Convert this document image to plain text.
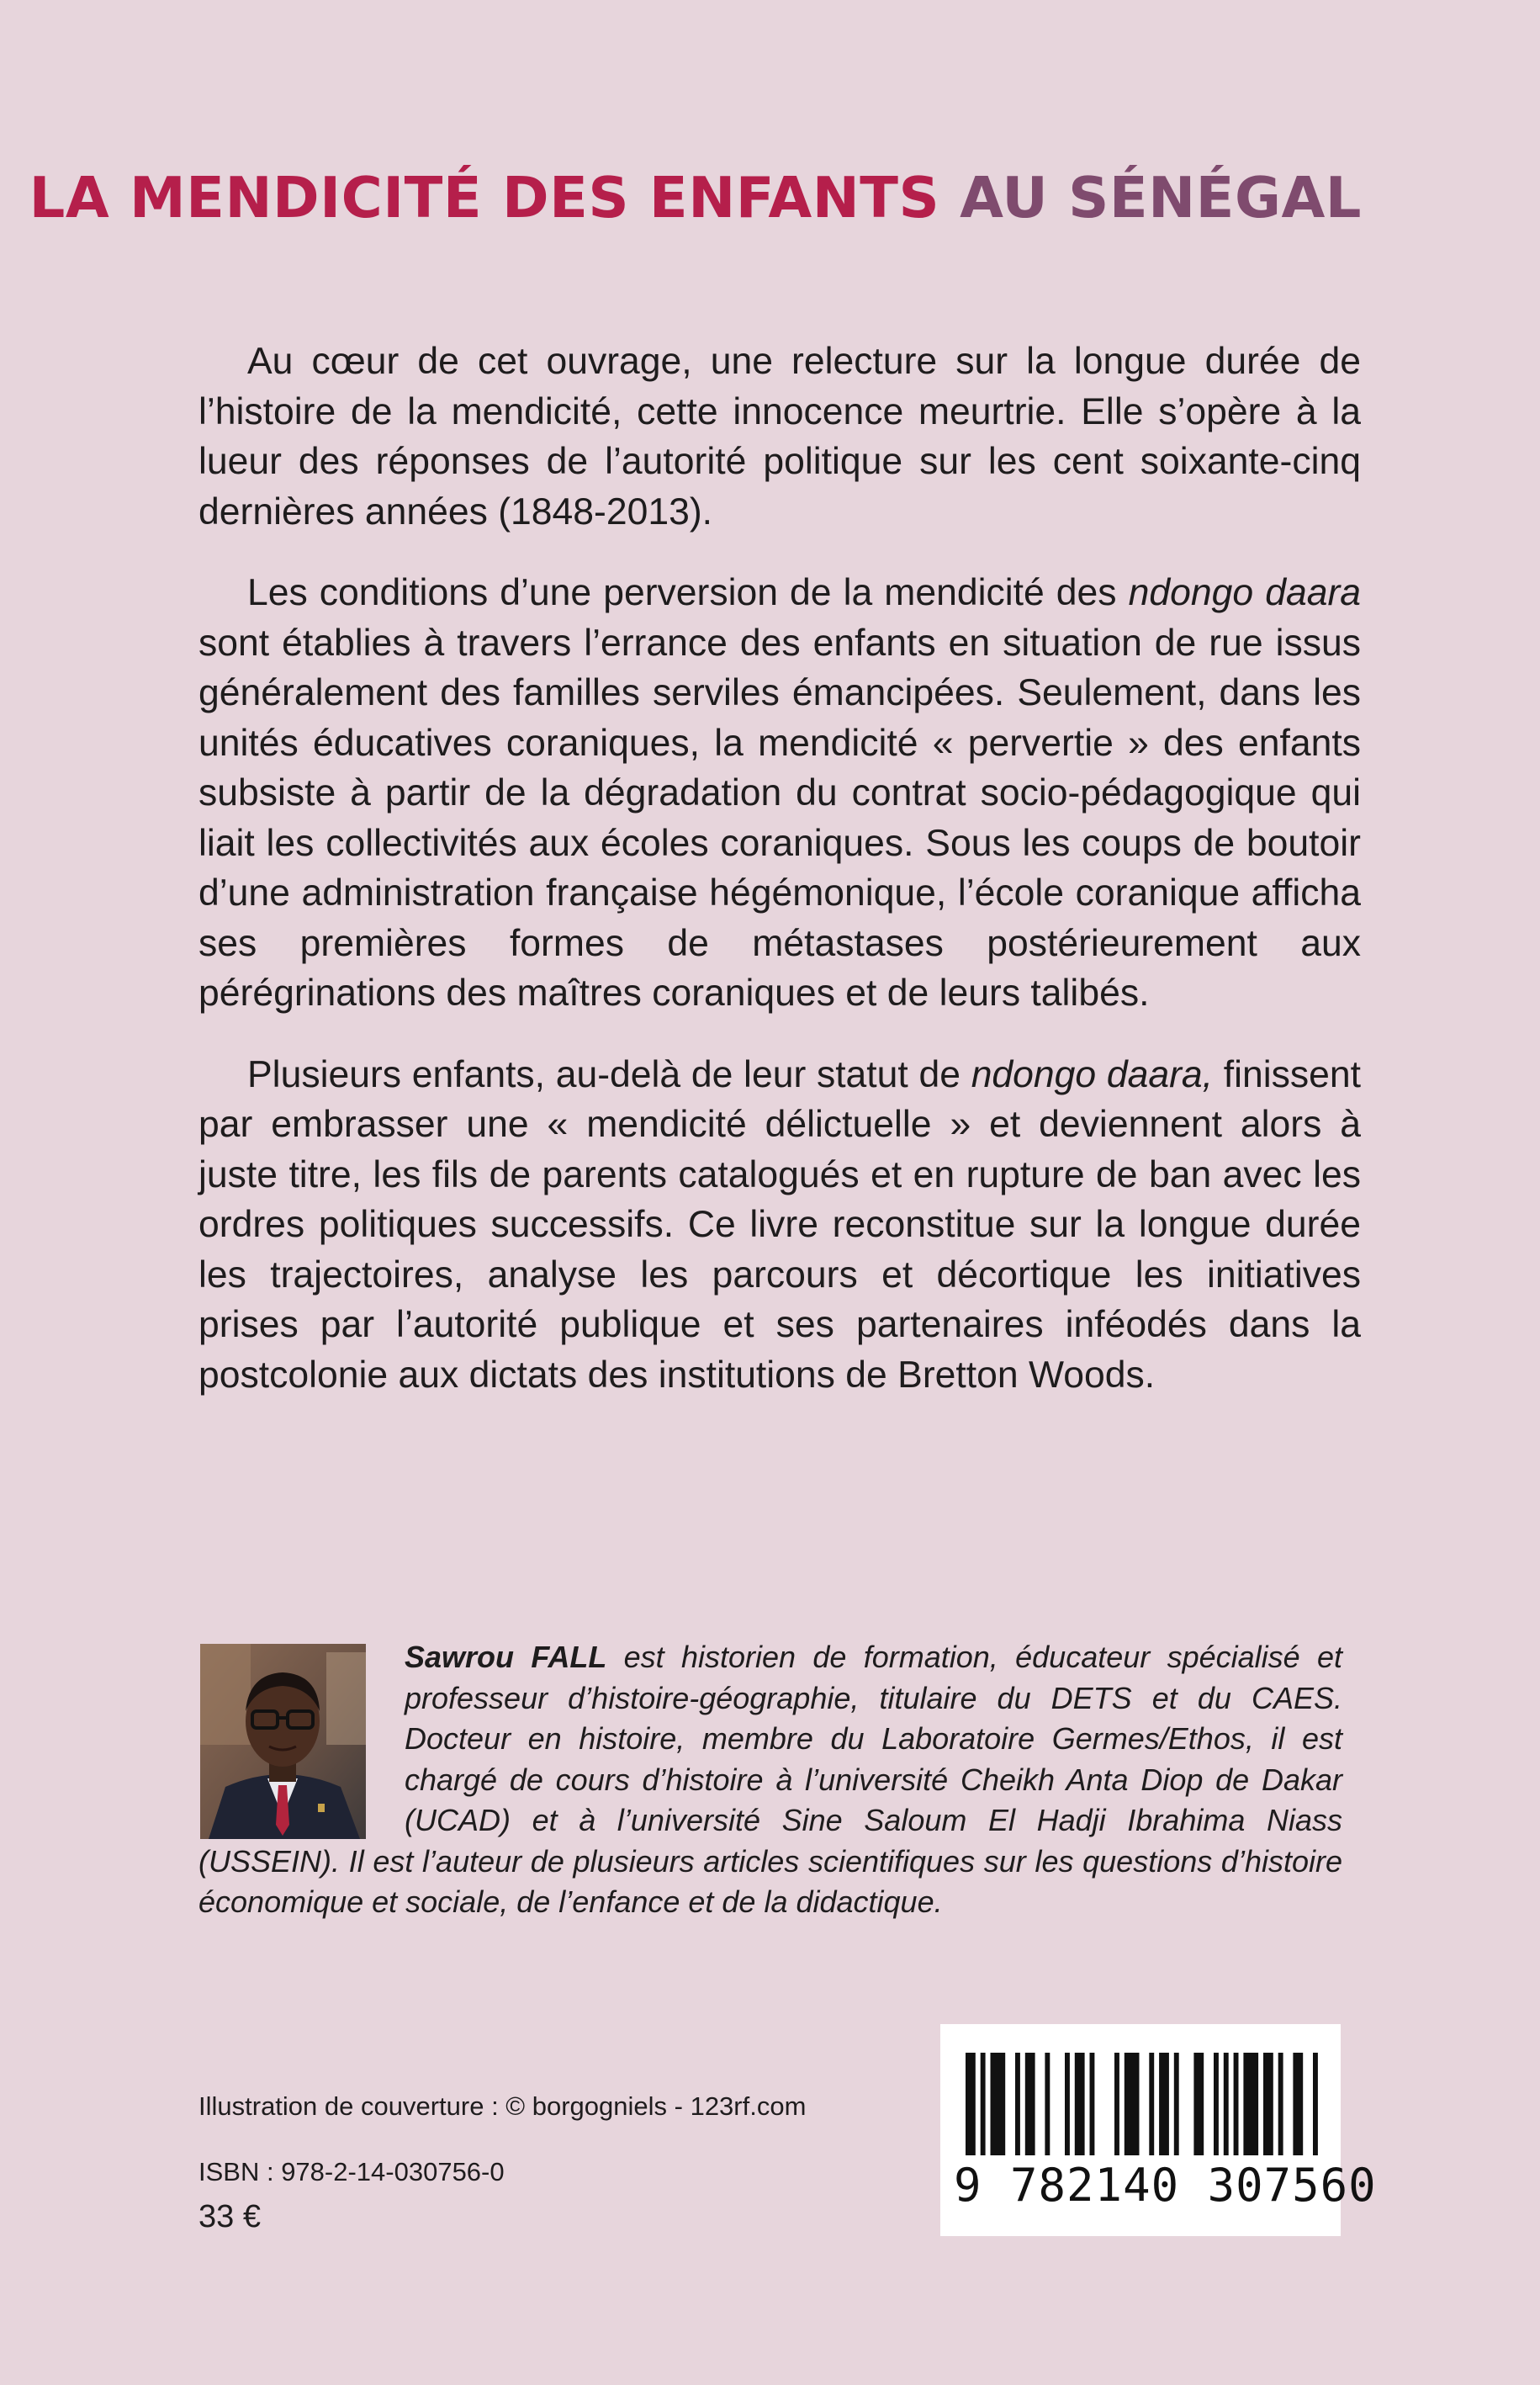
LA MENDICITÉ DES ENFANTS AU SÉNÉGAL

Au cœur de cet ouvrage, une relecture sur la longue durée de l’histoire de la mendicité, cette innocence meurtrie. Elle s’opère à la lueur des réponses de l’autorité politique sur les cent soixante-cinq dernières années (1848-2013).

Les conditions d’une perversion de la mendicité des ndongo daara sont établies à travers l’errance des enfants en situation de rue issus généralement des familles serviles émancipées. Seulement, dans les unités éducatives coraniques, la mendicité « pervertie » des enfants subsiste à partir de la dégradation du contrat socio-pédagogique qui liait les collectivités aux écoles coraniques. Sous les coups de boutoir d’une administration française hégémonique, l’école coranique afficha ses premières formes de métastases postérieurement aux pérégrinations des maîtres coraniques et de leurs talibés.

Plusieurs enfants, au-delà de leur statut de ndongo daara, finissent par embrasser une « mendicité délictuelle » et deviennent alors à juste titre, les fils de parents catalogués et en rupture de ban avec les ordres politiques successifs. Ce livre reconstitue sur la longue durée les trajectoires, analyse les parcours et décortique les initiatives prises par l’autorité publique et ses partenaires inféodés dans la postcolonie aux dictats des institutions de Bretton Woods.

Sawrou FALL est historien de formation, éducateur spécialisé et professeur d’histoire-géographie, titulaire du DETS et du CAES. Docteur en histoire, membre du Laboratoire Germes/Ethos, il est chargé de cours d’histoire à l’université Cheikh Anta Diop de Dakar (UCAD) et à l’université Sine Saloum El Hadji Ibrahima Niass (USSEIN). Il est l’auteur de plusieurs articles scientifiques sur les questions d’histoire économique et sociale, de l’enfance et de la didactique.
9 782140 307560
Illustration de couverture : © borgogniels - 123rf.com
ISBN : 978-2-14-030756-0
33 €
